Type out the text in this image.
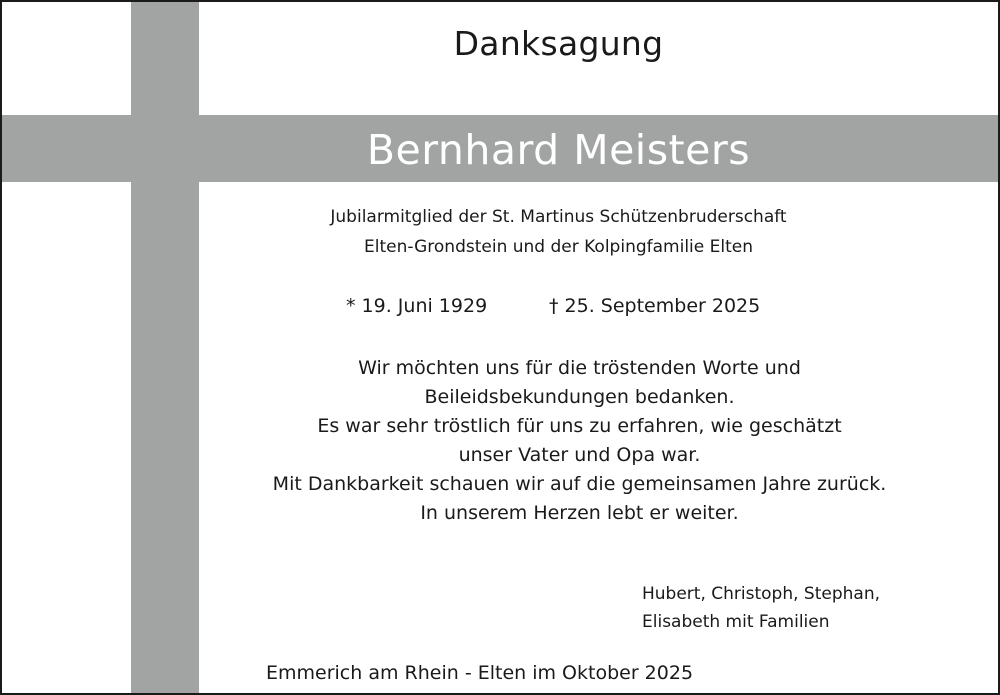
Danksagung
Bernhard Meisters
Jubilarmitglied der St. Martinus Schützenbruderschaft
Elten-Grondstein und der Kolpingfamilie Elten
* 19. Juni 1929	† 25. September 2025
Wir möchten uns für die tröstenden Worte und
Beileidsbekundungen bedanken.
Es war sehr tröstlich für uns zu erfahren, wie geschätzt
unser Vater und Opa war.
Mit Dankbarkeit schauen wir auf die gemeinsamen Jahre zurück.
In unserem Herzen lebt er weiter.
Hubert, Christoph, Stephan,
Elisabeth mit Familien
Emmerich am Rhein - Elten im Oktober 2025
